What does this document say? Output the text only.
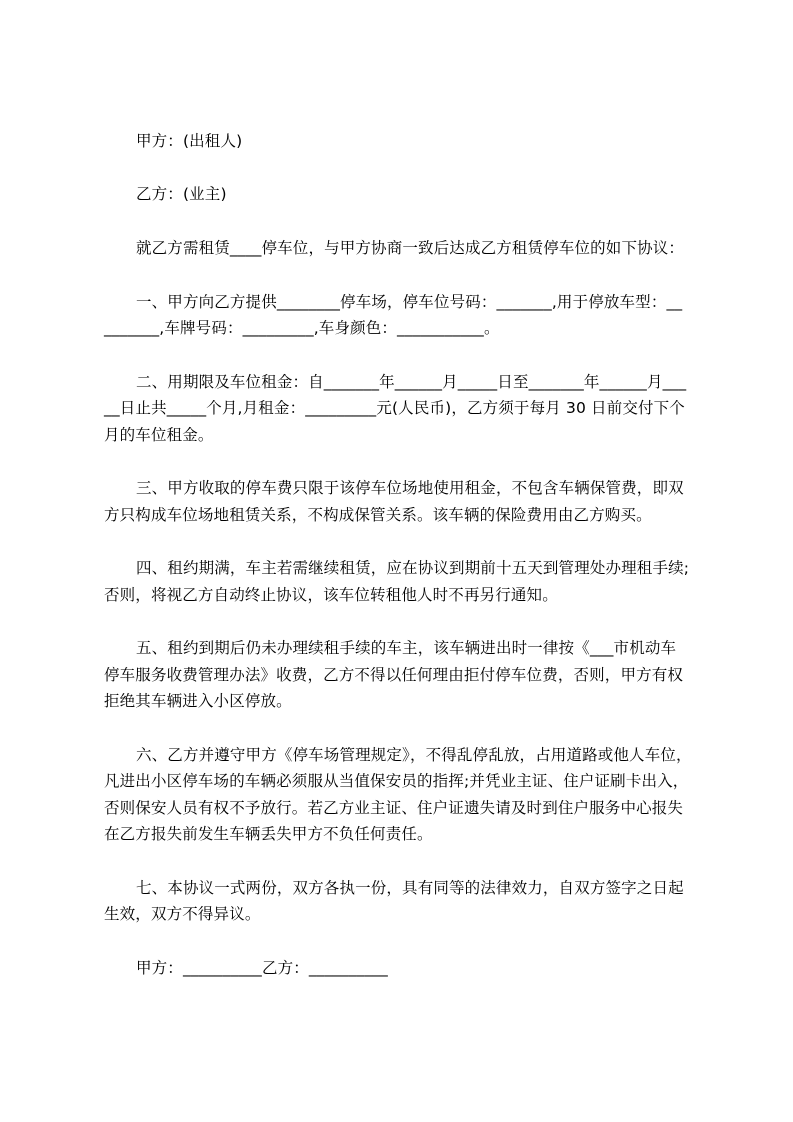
甲方：(出租人)
乙方：(业主)
就乙方需租赁____停车位，与甲方协商一致后达成乙方租赁停车位的如下协议：
一、甲方向乙方提供________停车场，停车位号码：_______,用于停放车型：__
_______,车牌号码：_________,车身颜色：___________。
二、用期限及车位租金：自_______年______月_____日至_______年______月___
__日止共_____个月,月租金：_________元(人民币)，乙方须于每月 30 日前交付下个
月的车位租金。
三、甲方收取的停车费只限于该停车位场地使用租金，不包含车辆保管费，即双
方只构成车位场地租赁关系，不构成保管关系。该车辆的保险费用由乙方购买。
四、租约期满，车主若需继续租赁，应在协议到期前十五天到管理处办理租手续;
否则，将视乙方自动终止协议，该车位转租他人时不再另行通知。
五、租约到期后仍未办理续租手续的车主，该车辆进出时一律按《___市机动车
停车服务收费管理办法》收费，乙方不得以任何理由拒付停车位费，否则，甲方有权
拒绝其车辆进入小区停放。
六、乙方并遵守甲方《停车场管理规定》，不得乱停乱放，占用道路或他人车位，
凡进出小区停车场的车辆必须服从当值保安员的指挥;并凭业主证、住户证刷卡出入，
否则保安人员有权不予放行。若乙方业主证、住户证遗失请及时到住户服务中心报失
在乙方报失前发生车辆丢失甲方不负任何责任。
七、本协议一式两份，双方各执一份，具有同等的法律效力，自双方签字之日起
生效，双方不得异议。
甲方：__________乙方：__________
